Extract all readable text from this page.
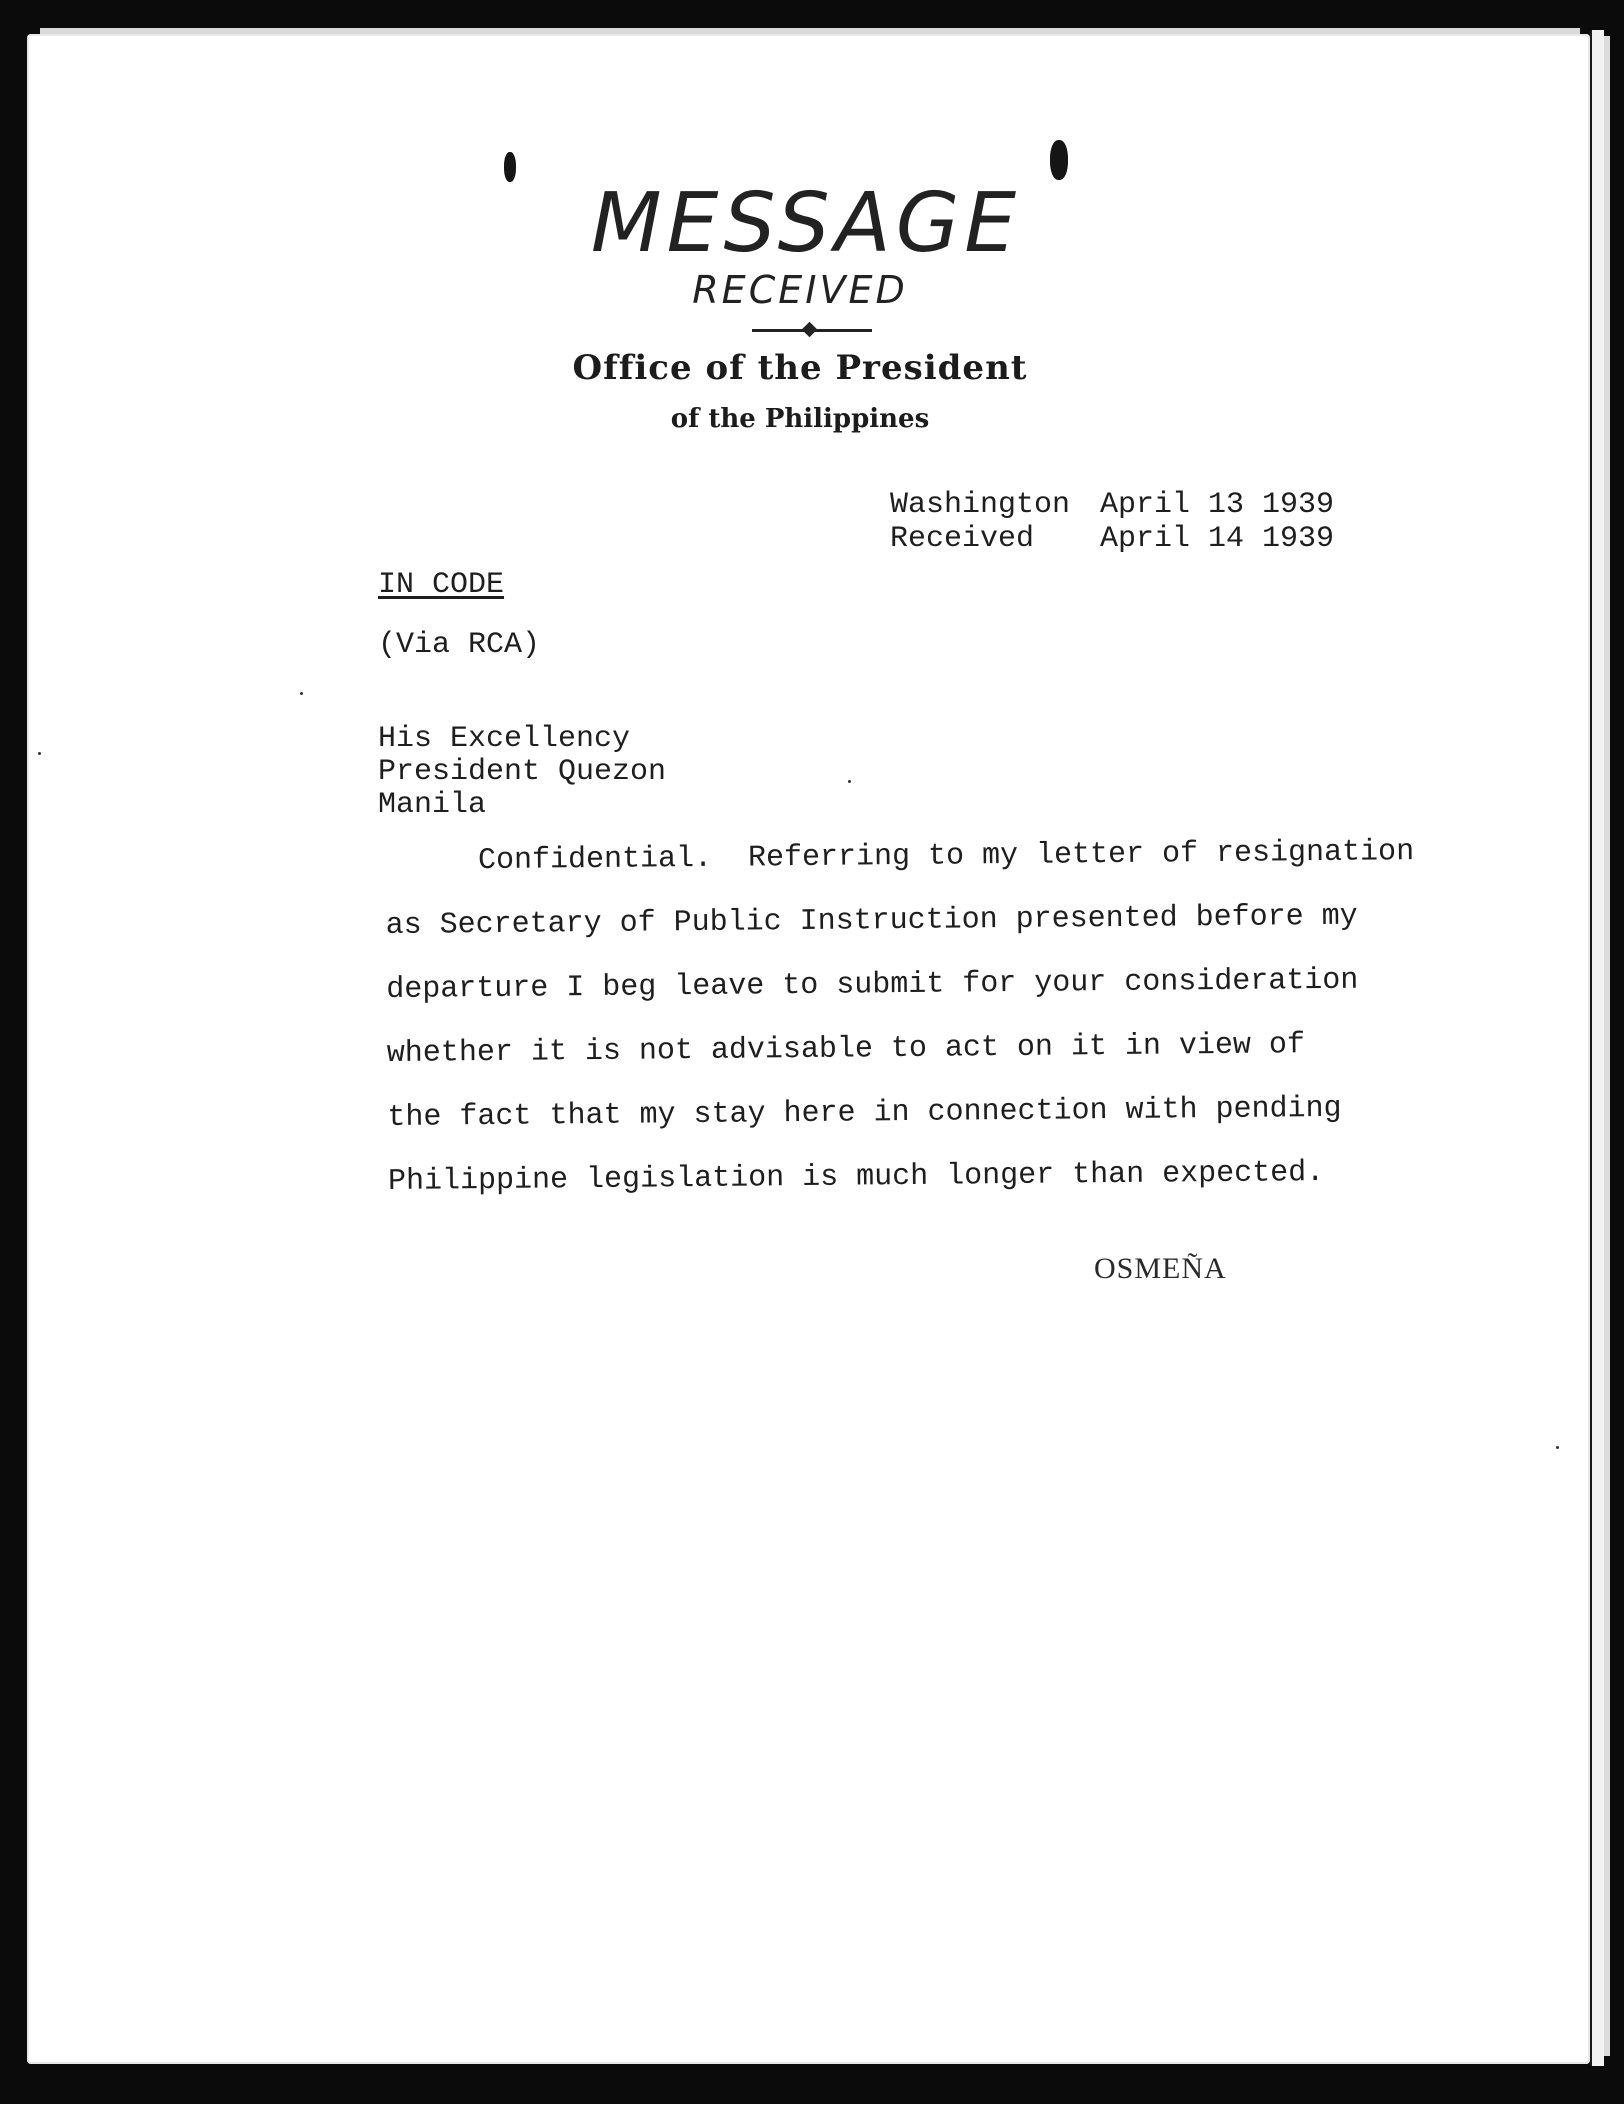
MESSAGE
RECEIVED
Office of the President
of the Philippines
Washington April 13 1939
Received April 14 1939
IN CODE
(Via RCA)
His Excellency
President Quezon
Manila
Confidential.  Referring to my letter of resignation
as Secretary of Public Instruction presented before my
departure I beg leave to submit for your consideration
whether it is not advisable to act on it in view of
the fact that my stay here in connection with pending
Philippine legislation is much longer than expected.
OSMEÑA
